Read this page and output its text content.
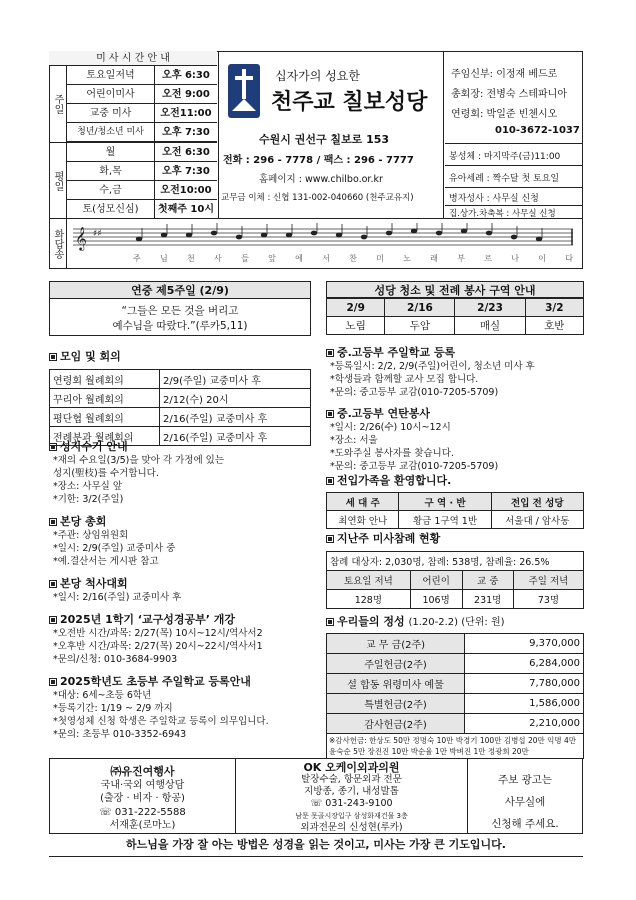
미 사 시 간 안 내
주일
토요일저녁	오후 6:30
어린이미사	오전 9:00
교중 미사	오전11:00
청년/청소년 미사	오후 7:30
평일
월	오전 6:30
화,목	오후 7:30
수,금	오전10:00
토(성모신심)	첫째주 10시
십자가의 성요한
천주교 칠보성당
수원시 권선구 칠보로 153
전화 : 296 - 7778 / 팩스 : 296 - 7777
홈페이지 : www.chilbo.or.kr
교무금 이체 : 신협 131-002-040660 (천주교유지)
주임신부: 이정재 베드로
총회장: 전병숙 스테파니아
연령회: 박일준 빈첸시오
010-3672-1037
봉성체 : 마지막주(금)11:00
유아세례 : 짝수달 첫 토요일
병자성사 : 사무실 신청
집.상가.차축복 : 사무실 신청
화답송 𝄞 ♯♯
주 님 천 사 들 앞 에 서 찬 미 노 래 부 르 나 이 다
연중 제5주일 (2/9)
“그들은 모든 것을 버리고
예수님을 따랐다.”(루카5,11)
성당 청소 및 전례 봉사 구역 안내
2/9	2/16	2/23	3/2
노림	두암	매실	호반
모임 및 회의
연령회 월례회의	2/9(주일) 교중미사 후
꾸리아 월례회의	2/12(수) 20시
평단협 월례회의	2/16(주일) 교중미사 후
전례분과 월례회의	2/16(주일) 교중미사 후
성지수거 안내
*재의 수요일(3/5)을 맞아 각 가정에 있는
성지(聖枝)를 수거합니다.
*장소: 사무실 앞
*기한: 3/2(주일)
본당 총회
*주관: 상임위원회
*일시: 2/9(주일) 교중미사 중
*예.결산서는 게시판 참고
본당 척사대회
*일시: 2/16(주일) 교중미사 후
2025년 1학기 ‘교구성경공부’ 개강
*오전반 시간/과목: 2/27(목) 10시~12시/역사서2
*오후반 시간/과목: 2/27(목) 20시~22시/역사서1
*문의/신청: 010-3684-9903
2025학년도 초등부 주일학교 등록안내
*대상: 6세~초등 6학년
*등록기간: 1/19 ~ 2/9 까지
*첫영성체 신청 학생은 주일학교 등록이 의무입니다.
*문의: 초등부 010-3352-6943
중.고등부 주일학교 등록
*등록일시: 2/2, 2/9(주일)어린이, 청소년 미사 후
*학생들과 함께할 교사 모집 합니다.
*문의: 중고등부 교감(010-7205-5709)
중.고등부 연탄봉사
*일시: 2/26(수) 10시~12시
*장소: 서울
*도와주실 봉사자를 찾습니다.
*문의: 중고등부 교감(010-7205-5709)
전입가족을 환영합니다.
세 대 주	구 역 · 반	전입 전 성당
최연화 안나	황금 1구역 1반	서울대 / 암사동
지난주 미사참례 현황
참례 대상자: 2,030명, 참례: 538명, 참례율: 26.5%			
토요일 저녁	어린이	교 중	주일 저녁
128명	106명	231명	73명
우리들의 정성 (1.20-2.2) (단위: 원)
교 무 금(2주)	9,370,000
주일헌금(2주)	6,284,000
설 합동 위령미사 예물	7,780,000
특별헌금(2주)	1,586,000
감사헌금(2주)	2,210,000
※감사헌금: 한상도 50만 정명숙 10만 박경기 100만 김병섭 20만 익명 4만
윤숙순 5만 장진진 10만 박순율 1만 박벼진 1만 정광희 20만
㈜유진여행사
국내·국외 여행상담
(출장 · 비자 · 항공)
☏ 031-222-5588
서재훈(로마노)
OK 오케이외과의원
탈장수술, 항문외과 전문
지방종, 종기, 내성발톱
☏ 031-243-9100
남문 못골시장입구 삼성화재건물 3층
외과전문의 신성현(루카)
주보 광고는
사무실에
신청해 주세요.
하느님을 가장 잘 아는 방법은 성경을 읽는 것이고, 미사는 가장 큰 기도입니다.
